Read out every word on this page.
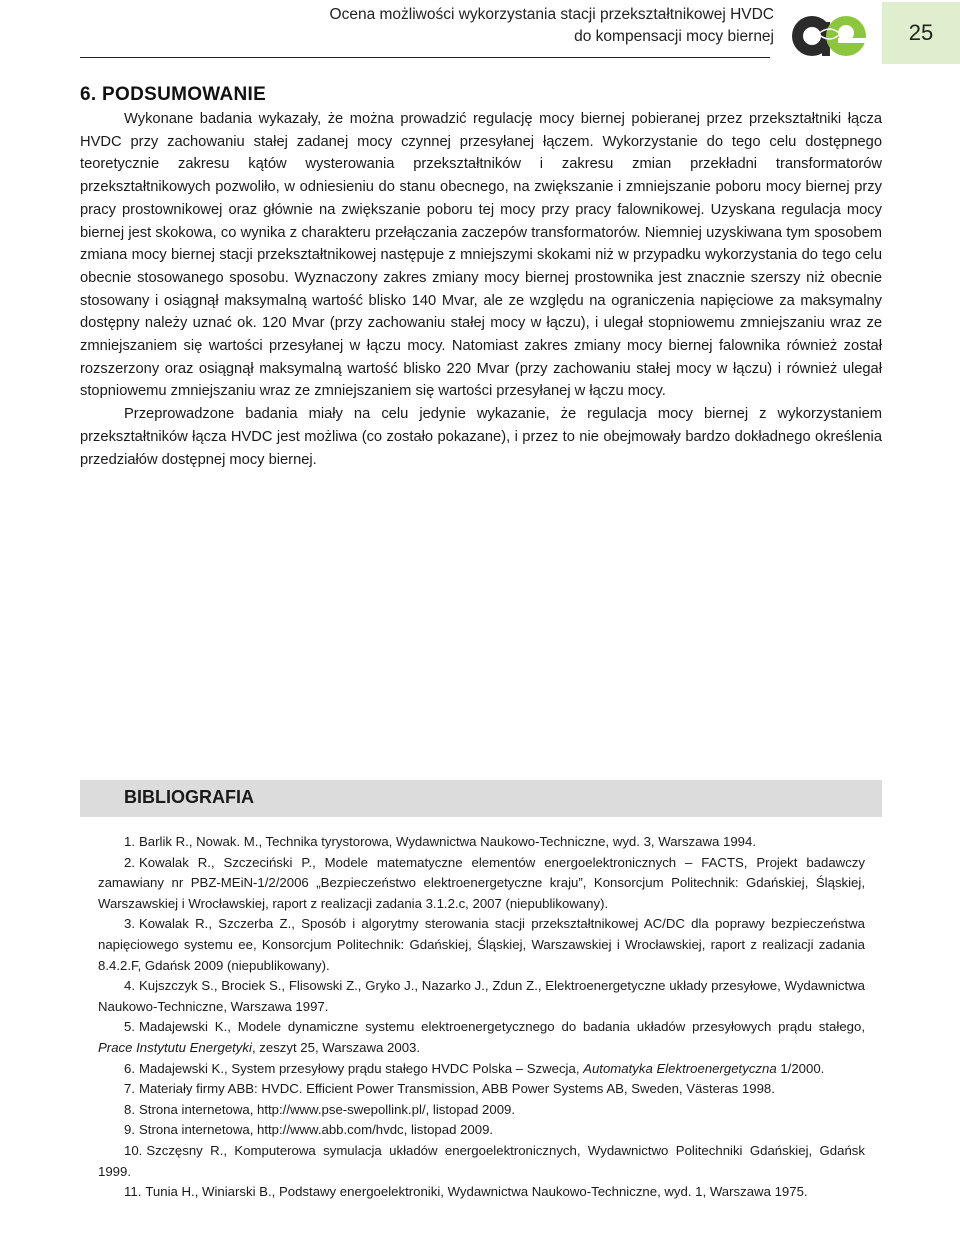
Ocena możliwości wykorzystania stacji przekształtnikowej HVDC
do kompensacji mocy biernej
ae
25
6. PODSUMOWANIE

Wykonane badania wykazały, że można prowadzić regulację mocy biernej pobieranej przez przekształtniki łącza HVDC przy zachowaniu stałej zadanej mocy czynnej przesyłanej łączem. Wykorzystanie do tego celu dostępnego teoretycznie zakresu kątów wysterowania przekształtników i zakresu zmian przekładni transformatorów przekształtnikowych pozwoliło, w odniesieniu do stanu obecnego, na zwiększanie i zmniejszanie poboru mocy biernej przy pracy prostownikowej oraz głównie na zwiększanie poboru tej mocy przy pracy falownikowej. Uzyskana regulacja mocy biernej jest skokowa, co wynika z charakteru przełączania zaczepów transformatorów. Niemniej uzyskiwana tym sposobem zmiana mocy biernej stacji przekształtnikowej następuje z mniejszymi skokami niż w przypadku wykorzystania do tego celu obecnie stosowanego sposobu. Wyznaczony zakres zmiany mocy biernej prostownika jest znacznie szerszy niż obecnie stosowany i osiągnął maksymalną wartość blisko 140 Mvar, ale ze względu na ograniczenia napięciowe za maksymalny dostępny należy uznać ok. 120 Mvar (przy zachowaniu stałej mocy w łączu), i ulegał stopniowemu zmniejszaniu wraz ze zmniejszaniem się wartości przesyłanej w łączu mocy. Natomiast zakres zmiany mocy biernej falownika również został rozszerzony oraz osiągnął maksymalną wartość blisko 220 Mvar (przy zachowaniu stałej mocy w łączu) i również ulegał stopniowemu zmniejszaniu wraz ze zmniejszaniem się wartości przesyłanej w łączu mocy.

Przeprowadzone badania miały na celu jedynie wykazanie, że regulacja mocy biernej z wykorzystaniem przekształtników łącza HVDC jest możliwa (co zostało pokazane), i przez to nie obejmowały bardzo dokładnego określenia przedziałów dostępnej mocy biernej.

BIBLIOGRAFIA

1. Barlik R., Nowak. M., Technika tyrystorowa, Wydawnictwa Naukowo-Techniczne, wyd. 3, Warszawa 1994.

2. Kowalak R., Szczeciński P., Modele matematyczne elementów energoelektronicznych – FACTS, Projekt badawczy zamawiany nr PBZ-MEiN-1/2/2006 „Bezpieczeństwo elektroenergetyczne kraju”, Konsorcjum Politechnik: Gdańskiej, Śląskiej, Warszawskiej i Wrocławskiej, raport z realizacji zadania 3.1.2.c, 2007 (niepublikowany).

3. Kowalak R., Szczerba Z., Sposób i algorytmy sterowania stacji przekształtnikowej AC/DC dla poprawy bezpieczeństwa napięciowego systemu ee, Konsorcjum Politechnik: Gdańskiej, Śląskiej, Warszawskiej i Wrocławskiej, raport z realizacji zadania 8.4.2.F, Gdańsk 2009 (niepublikowany).

4. Kujszczyk S., Brociek S., Flisowski Z., Gryko J., Nazarko J., Zdun Z., Elektroenergetyczne układy przesyłowe, Wydawnictwa Naukowo-Techniczne, Warszawa 1997.

5. Madajewski K., Modele dynamiczne systemu elektroenergetycznego do badania układów przesyłowych prądu stałego, Prace Instytutu Energetyki, zeszyt 25, Warszawa 2003.

6. Madajewski K., System przesyłowy prądu stałego HVDC Polska – Szwecja, Automatyka Elektroenergetyczna 1/2000.

7. Materiały firmy ABB: HVDC. Efficient Power Transmission, ABB Power Systems AB, Sweden, Västeras 1998.

8. Strona internetowa, http://www.pse-swepollink.pl/, listopad 2009.

9. Strona internetowa, http://www.abb.com/hvdc, listopad 2009.

10. Szczęsny R., Komputerowa symulacja układów energoelektronicznych, Wydawnictwo Politechniki Gdańskiej, Gdańsk 1999.

11. Tunia H., Winiarski B., Podstawy energoelektroniki, Wydawnictwa Naukowo-Techniczne, wyd. 1, Warszawa 1975.
